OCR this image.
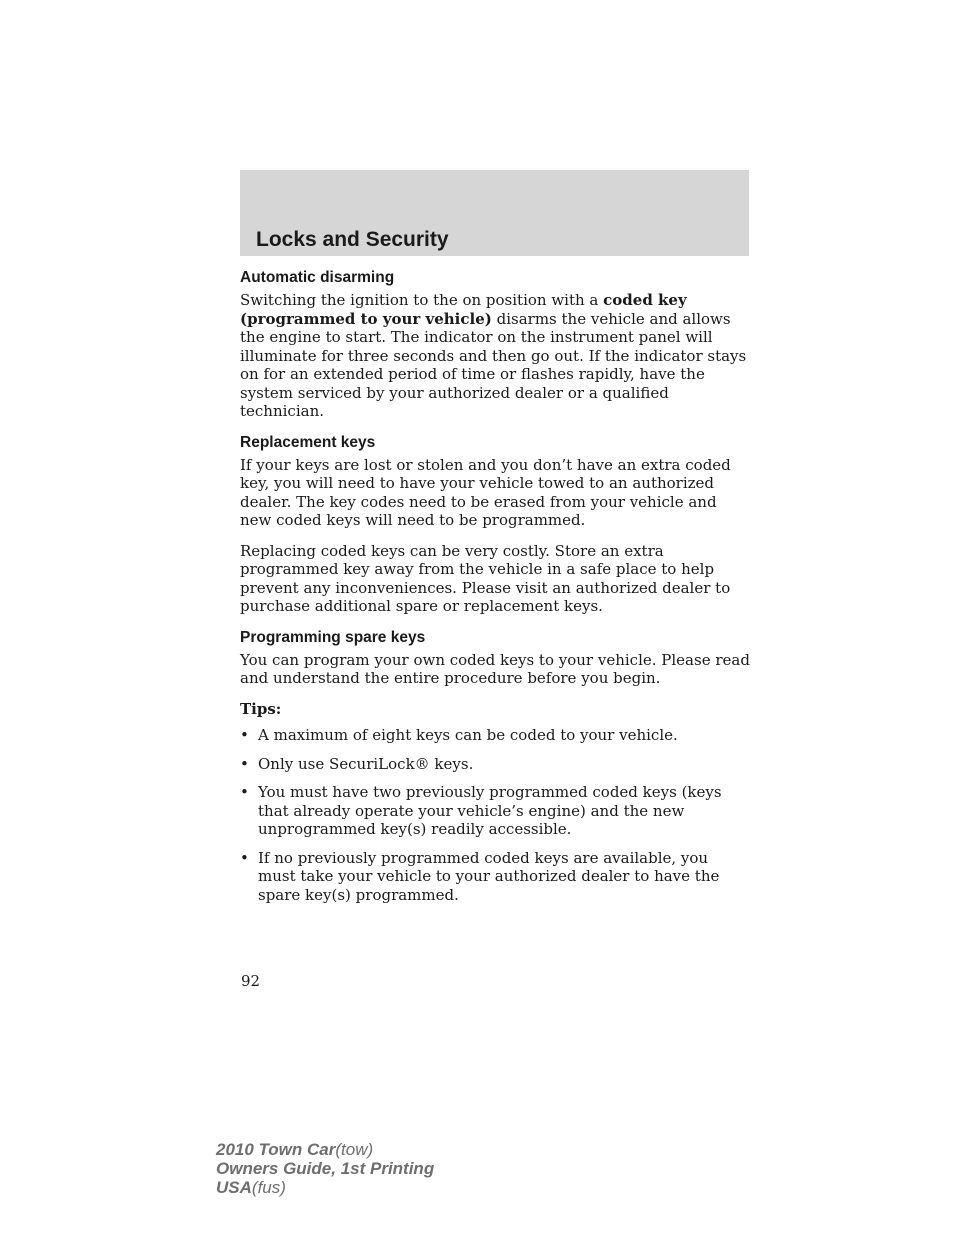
Locks and Security
Automatic disarming

Switching the ignition to the on position with a coded key (programmed to your vehicle) disarms the vehicle and allows the engine to start. The indicator on the instrument panel will illuminate for three seconds and then go out. If the indicator stays on for an extended period of time or flashes rapidly, have the system serviced by your authorized dealer or a qualified technician.

Replacement keys

If your keys are lost or stolen and you don’t have an extra coded key, you will need to have your vehicle towed to an authorized dealer. The key codes need to be erased from your vehicle and new coded keys will need to be programmed.

Replacing coded keys can be very costly. Store an extra programmed key away from the vehicle in a safe place to help prevent any inconveniences. Please visit an authorized dealer to purchase additional spare or replacement keys.

Programming spare keys

You can program your own coded keys to your vehicle. Please read and understand the entire procedure before you begin.

Tips:

• A maximum of eight keys can be coded to your vehicle.
• Only use SecuriLock® keys.
• You must have two previously programmed coded keys (keys that already operate your vehicle’s engine) and the new unprogrammed key(s) readily accessible.
• If no previously programmed coded keys are available, you must take your vehicle to your authorized dealer to have the spare key(s) programmed.
92
2010 Town Car(tow)
Owners Guide, 1st Printing
USA(fus)
